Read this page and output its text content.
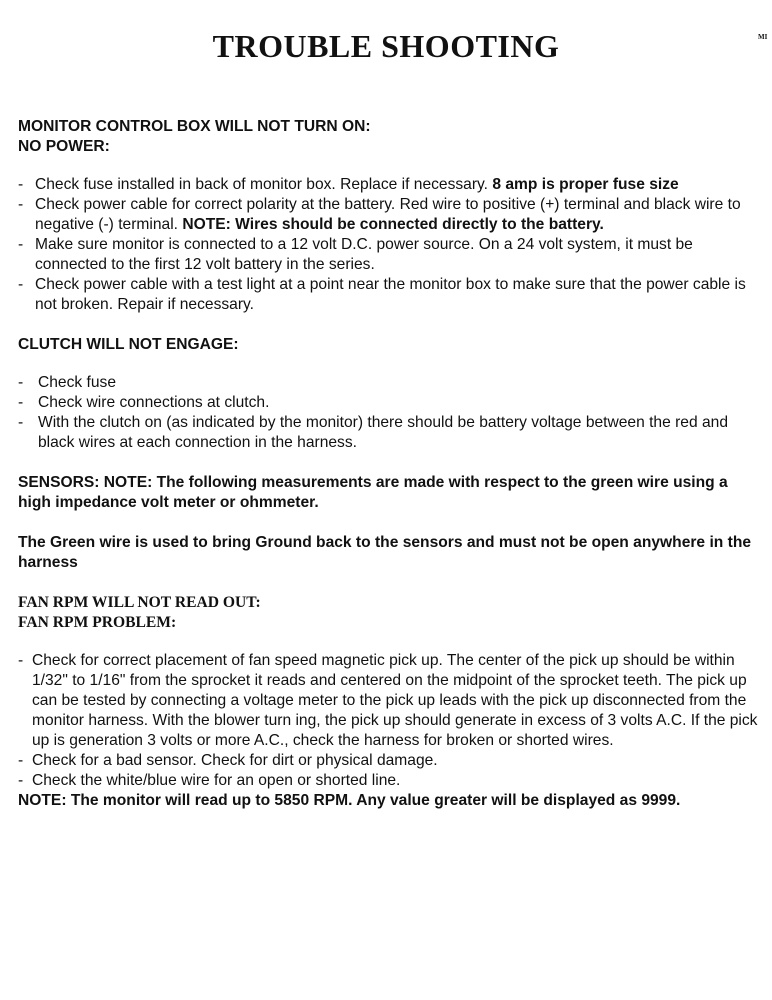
MI
TROUBLE SHOOTING

MONITOR CONTROL BOX WILL NOT TURN ON:

NO POWER:

- Check fuse installed in back of monitor box. Replace if necessary. 8 amp is proper fuse size
- Check power cable for correct polarity at the battery. Red wire to positive (+) terminal and black wire to negative (-) terminal. NOTE: Wires should be connected directly to the battery.
- Make sure monitor is connected to a 12 volt D.C. power source. On a 24 volt system, it must be connected to the first 12 volt battery in the series.
- Check power cable with a test light at a point near the monitor box to make sure that the power cable is not broken. Repair if necessary.

CLUTCH WILL NOT ENGAGE:

- Check fuse
- Check wire connections at clutch.
- With the clutch on (as indicated by the monitor) there should be battery voltage between the red and black wires at each connection in the harness.

SENSORS: NOTE: The following measurements are made with respect to the green wire using a high impedance volt meter or ohmmeter.

The Green wire is used to bring Ground back to the sensors and must not be open anywhere in the harness

FAN RPM WILL NOT READ OUT:

FAN RPM PROBLEM:

- Check for correct placement of fan speed magnetic pick up. The center of the pick up should be within 1/32" to 1/16" from the sprocket it reads and centered on the midpoint of the sprocket teeth. The pick up can be tested by connecting a voltage meter to the pick up leads with the pick up disconnected from the monitor harness. With the blower turn ing, the pick up should generate in excess of 3 volts A.C. If the pick up is generation 3 volts or more A.C., check the harness for broken or shorted wires.
- Check for a bad sensor. Check for dirt or physical damage.
- Check the white/blue wire for an open or shorted line.

NOTE: The monitor will read up to 5850 RPM. Any value greater will be displayed as 9999.
